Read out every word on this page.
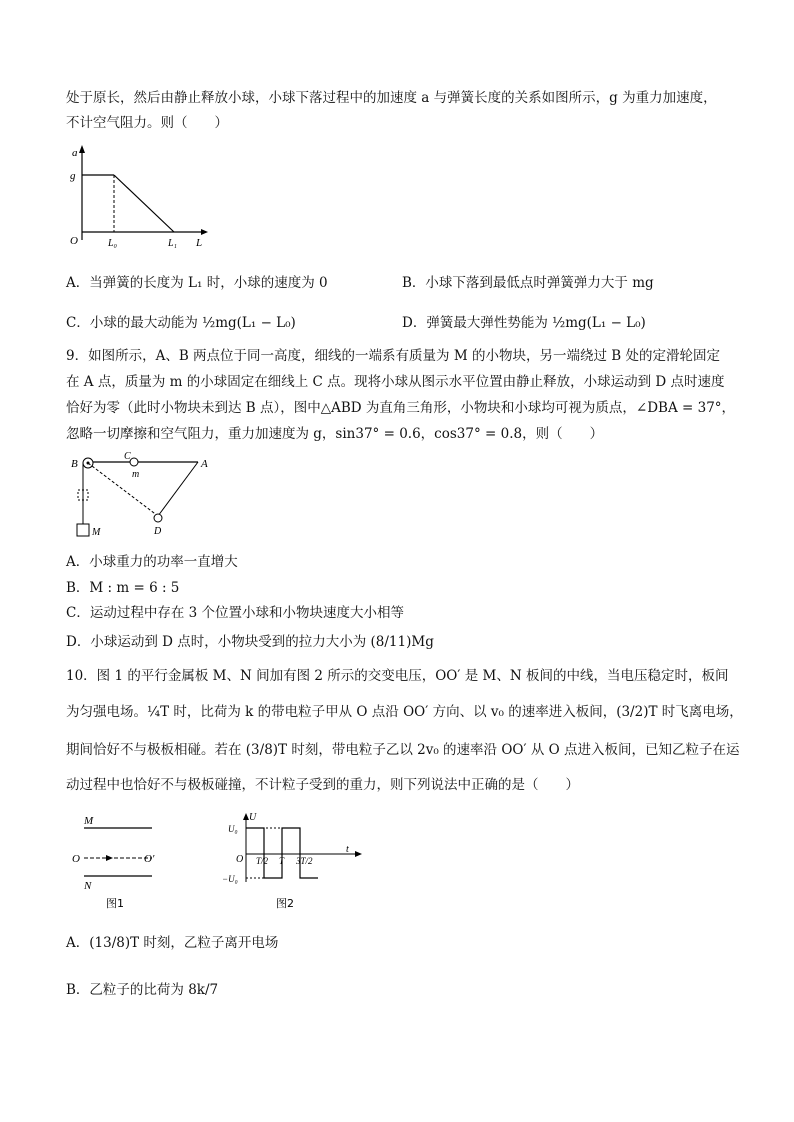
处于原长，然后由静止释放小球，小球下落过程中的加速度 a 与弹簧长度的关系如图所示，g 为重力加速度，
不计空气阻力。则（　　）
a
g
O	L₀	L₁ L
A．当弹簧的长度为 L₁ 时，小球的速度为 0	B．小球下落到最低点时弹簧弹力大于 mg
C．小球的最大动能为 ½mg(L₁ − L₀)	D．弹簧最大弹性势能为 ½mg(L₁ − L₀)
9．如图所示，A、B 两点位于同一高度，细线的一端系有质量为 M 的小物块，另一端绕过 B 处的定滑轮固定
在 A 点，质量为 m 的小球固定在细线上 C 点。现将小球从图示水平位置由静止释放，小球运动到 D 点时速度
恰好为零（此时小物块未到达 B 点），图中△ABD 为直角三角形，小物块和小球均可视为质点，∠DBA = 37°，
忽略一切摩擦和空气阻力，重力加速度为 g，sin37° = 0.6，cos37° = 0.8，则（　　）
B
C
m
A
D
M
A．小球重力的功率一直增大
B．M : m = 6 : 5
C．运动过程中存在 3 个位置小球和小物块速度大小相等
D．小球运动到 D 点时，小物块受到的拉力大小为 (8/11)Mg
10．图 1 的平行金属板 M、N 间加有图 2 所示的交变电压，OO′ 是 M、N 板间的中线，当电压稳定时，板间
为匀强电场。¼T 时，比荷为 k 的带电粒子甲从 O 点沿 OO′ 方向、以 v₀ 的速率进入板间，(3/2)T 时飞离电场，
期间恰好不与极板相碰。若在 (3/8)T 时刻，带电粒子乙以 2v₀ 的速率沿 OO′ 从 O 点进入板间，已知乙粒子在运
动过程中也恰好不与极板碰撞，不计粒子受到的重力，则下列说法中正确的是（　　）
M
O	O′
N
图1
U
U₀
O
−U₀
T/2 T 3T/2
t
图2
A．(13/8)T 时刻，乙粒子离开电场
B．乙粒子的比荷为 8k/7
